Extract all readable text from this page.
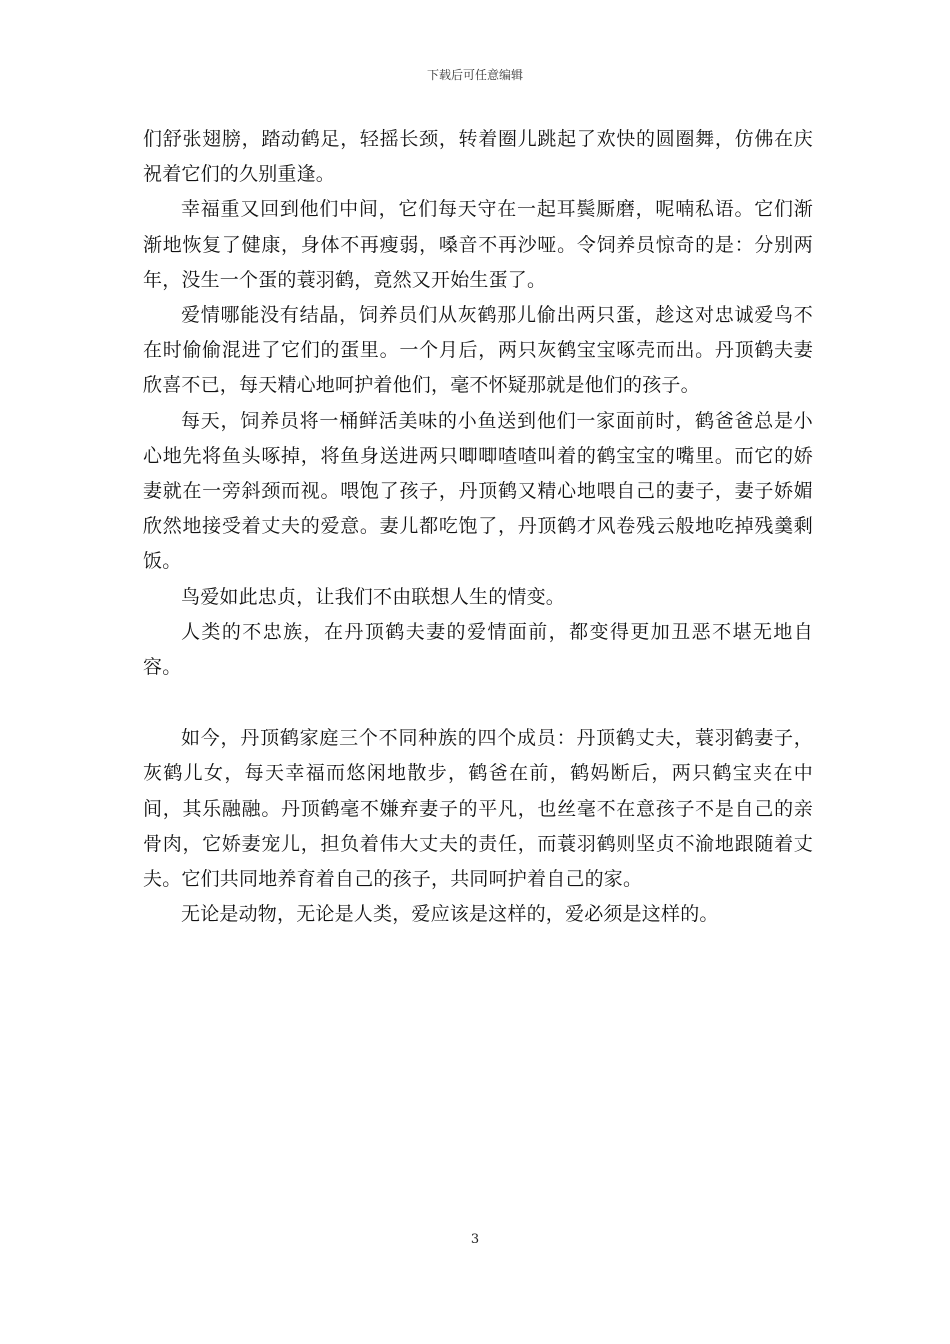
下载后可任意编辑

们舒张翅膀，踏动鹤足，轻摇长颈，转着圈儿跳起了欢快的圆圈舞，仿佛在庆祝着它们的久别重逢。

幸福重又回到他们中间，它们每天守在一起耳鬓厮磨，呢喃私语。它们渐渐地恢复了健康，身体不再瘦弱，嗓音不再沙哑。令饲养员惊奇的是：分别两年，没生一个蛋的蓑羽鹤，竟然又开始生蛋了。

爱情哪能没有结晶，饲养员们从灰鹤那儿偷出两只蛋，趁这对忠诚爱鸟不在时偷偷混进了它们的蛋里。一个月后，两只灰鹤宝宝啄壳而出。丹顶鹤夫妻欣喜不已，每天精心地呵护着他们，毫不怀疑那就是他们的孩子。

每天，饲养员将一桶鲜活美味的小鱼送到他们一家面前时，鹤爸爸总是小心地先将鱼头啄掉，将鱼身送进两只唧唧喳喳叫着的鹤宝宝的嘴里。而它的娇妻就在一旁斜颈而视。喂饱了孩子，丹顶鹤又精心地喂自己的妻子，妻子娇媚欣然地接受着丈夫的爱意。妻儿都吃饱了，丹顶鹤才风卷残云般地吃掉残羹剩饭。

鸟爱如此忠贞，让我们不由联想人生的情变。

人类的不忠族，在丹顶鹤夫妻的爱情面前，都变得更加丑恶不堪无地自容。

如今，丹顶鹤家庭三个不同种族的四个成员：丹顶鹤丈夫，蓑羽鹤妻子，灰鹤儿女，每天幸福而悠闲地散步，鹤爸在前，鹤妈断后，两只鹤宝夹在中间，其乐融融。丹顶鹤毫不嫌弃妻子的平凡，也丝毫不在意孩子不是自己的亲骨肉，它娇妻宠儿，担负着伟大丈夫的责任，而蓑羽鹤则坚贞不渝地跟随着丈夫。它们共同地养育着自己的孩子，共同呵护着自己的家。

无论是动物，无论是人类，爱应该是这样的，爱必须是这样的。

3
